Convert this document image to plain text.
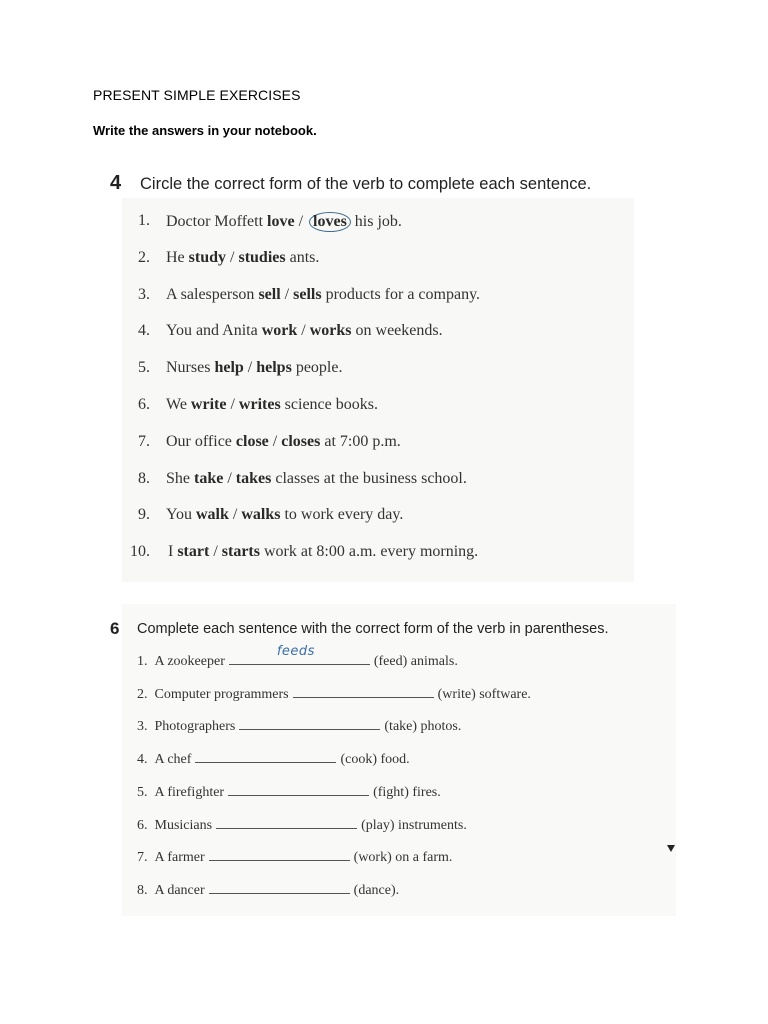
PRESENT SIMPLE EXERCISES
Write the answers in your notebook.
4 Circle the correct form of the verb to complete each sentence.
1. Doctor Moffett love / loves his job.
2. He study / studies ants.
3. A salesperson sell / sells products for a company.
4. You and Anita work / works on weekends.
5. Nurses help / helps people.
6. We write / writes science books.
7. Our office close / closes at 7:00 p.m.
8. She take / takes classes at the business school.
9. You walk / walks to work every day.
10. I start / starts work at 8:00 a.m. every morning.
6 Complete each sentence with the correct form of the verb in parentheses.
1. A zookeeper
feeds
(feed) animals.
2. Computer programmers	(write) software.
3. Photographers	(take) photos.
4. A chef	(cook) food.
5. A firefighter	(fight) fires.
6. Musicians	(play) instruments.
7. A farmer	(work) on a farm.
8. A dancer	(dance).
